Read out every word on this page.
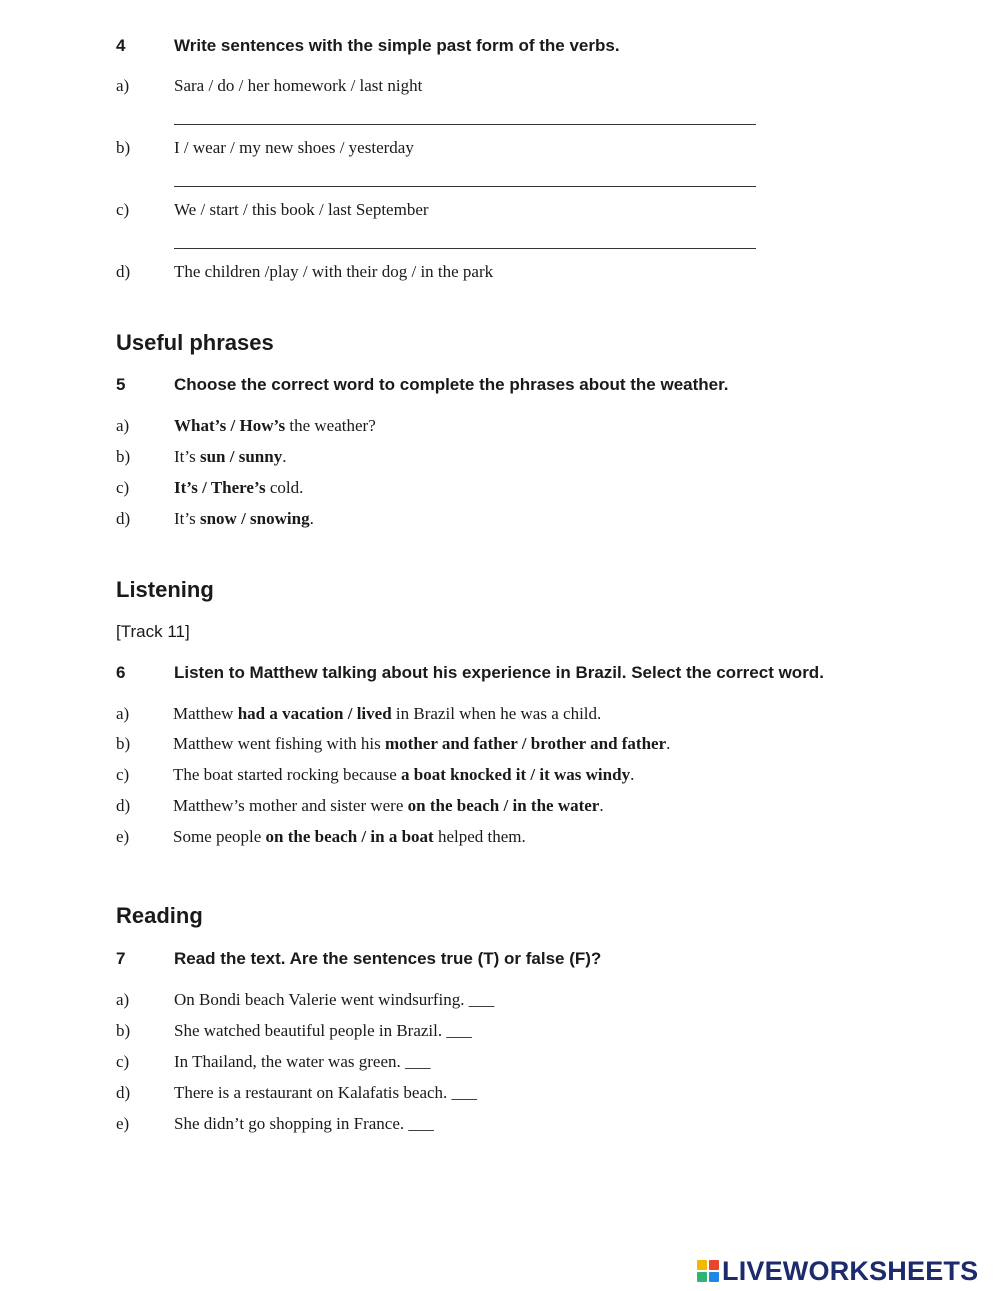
4	Write sentences with the simple past form of the verbs.
a)	Sara / do / her homework / last night
b)	I / wear / my new shoes / yesterday
c)	We / start / this book / last September
d)	The children /play / with their dog / in the park
Useful phrases
5	Choose the correct word to complete the phrases about the weather.
a)	What’s / How’s the weather?
b)	It’s sun / sunny.
c)	It’s / There’s cold.
d)	It’s snow / snowing.
Listening
[Track 11]
6	Listen to Matthew talking about his experience in Brazil. Select the correct word.
a)	Matthew had a vacation / lived in Brazil when he was a child.
b)	Matthew went fishing with his mother and father / brother and father.
c)	The boat started rocking because a boat knocked it / it was windy.
d)	Matthew’s mother and sister were on the beach / in the water.
e)	Some people on the beach / in a boat helped them.
Reading
7	Read the text. Are the sentences true (T) or false (F)?
a)	On Bondi beach Valerie went windsurfing. ___
b)	She watched beautiful people in Brazil. ___
c)	In Thailand, the water was green. ___
d)	There is a restaurant on Kalafatis beach. ___
e)	She didn’t go shopping in France. ___
LIVEWORKSHEETS
